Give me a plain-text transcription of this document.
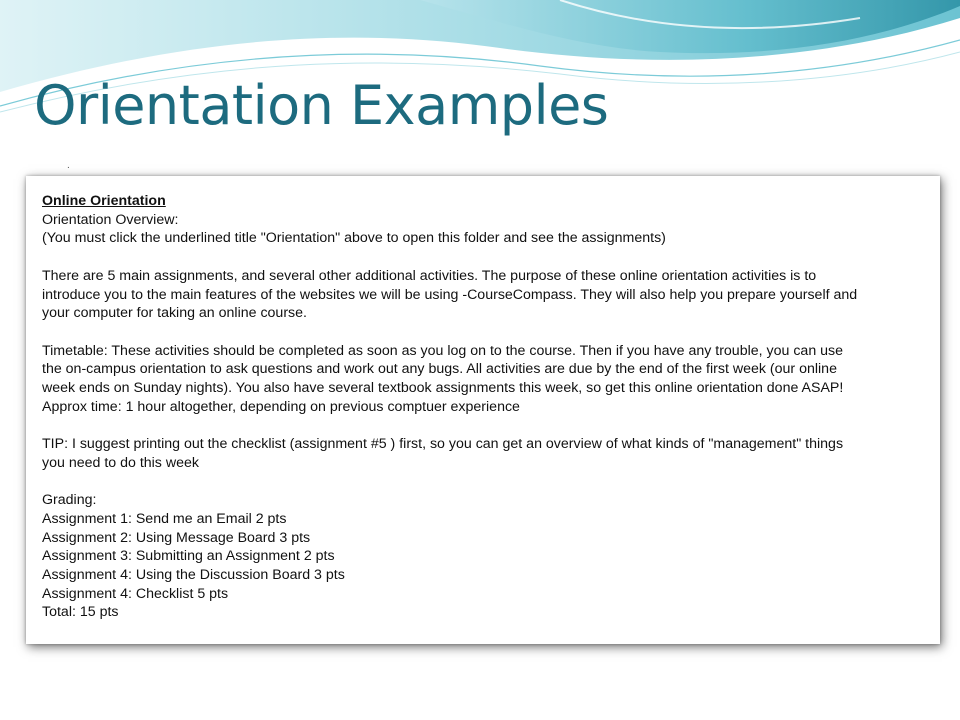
Orientation Examples
.

Online Orientation

Orientation Overview:

(You must click the underlined title "Orientation" above to open this folder and see the assignments)

There are 5 main assignments, and several other additional activities. The purpose of these online orientation activities is to

introduce you to the main features of the websites we will be using -CourseCompass. They will also help you prepare yourself and

your computer for taking an online course.

Timetable: These activities should be completed as soon as you log on to the course. Then if you have any trouble, you can use

the on-campus orientation to ask questions and work out any bugs. All activities are due by the end of the first week (our online

week ends on Sunday nights). You also have several textbook assignments this week, so get this online orientation done ASAP!

Approx time: 1 hour altogether, depending on previous comptuer experience

TIP: I suggest printing out the checklist (assignment #5 ) first, so you can get an overview of what kinds of "management" things

you need to do this week

Grading:

Assignment 1: Send me an Email 2 pts

Assignment 2: Using Message Board 3 pts

Assignment 3: Submitting an Assignment 2 pts

Assignment 4: Using the Discussion Board 3 pts

Assignment 4: Checklist 5 pts

Total: 15 pts
